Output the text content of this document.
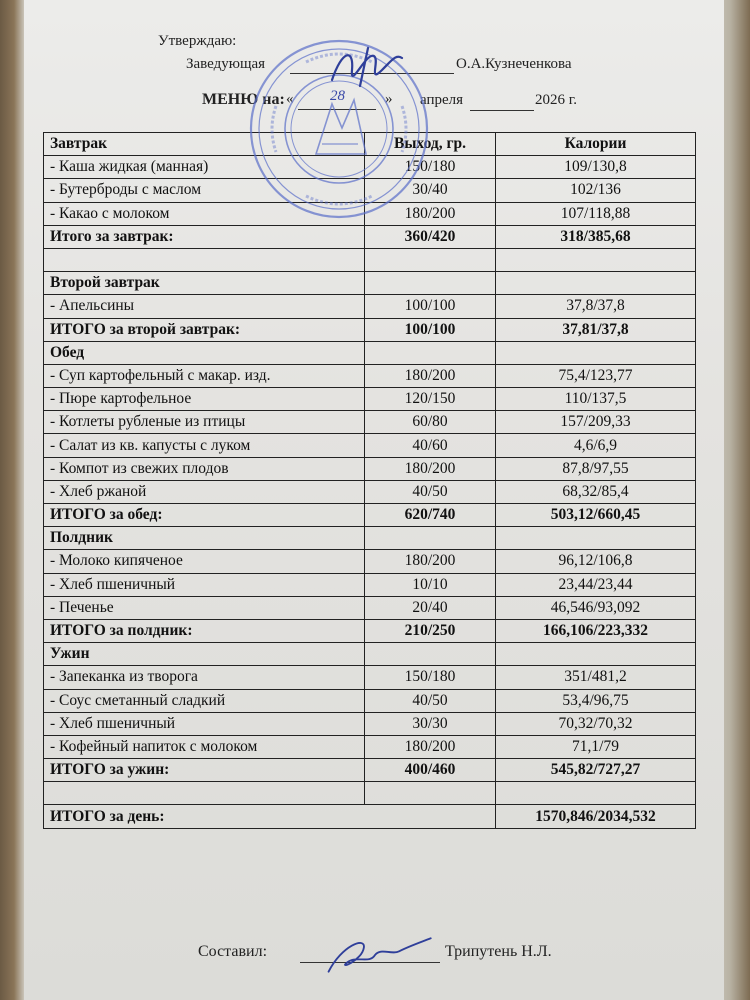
Утверждаю:
Заведующая	О.А.Кузнеченкова
МЕНЮ на: « 28	» апреля	2026 г.
Завтрак	Выход, гр.	Калории
- Каша жидкая (манная)	150/180	109/130,8
- Бутерброды с маслом	30/40	102/136
- Какао с молоком	180/200	107/118,88
Итого за завтрак:	360/420	318/385,68

Второй завтрак		
- Апельсины	100/100	37,8/37,8
ИТОГО за второй завтрак:	100/100	37,81/37,8
Обед		
- Суп картофельный с макар. изд.	180/200	75,4/123,77
- Пюре картофельное	120/150	110/137,5
- Котлеты рубленые из птицы	60/80	157/209,33
- Салат из кв. капусты с луком	40/60	4,6/6,9
- Компот из свежих плодов	180/200	87,8/97,55
- Хлеб ржаной	40/50	68,32/85,4
ИТОГО за обед:	620/740	503,12/660,45
Полдник		
- Молоко кипяченое	180/200	96,12/106,8
- Хлеб пшеничный	10/10	23,44/23,44
- Печенье	20/40	46,546/93,092
ИТОГО за полдник:	210/250	166,106/223,332
Ужин		
- Запеканка из творога	150/180	351/481,2
- Соус сметанный сладкий	40/50	53,4/96,75
- Хлеб пшеничный	30/30	70,32/70,32
- Кофейный напиток с молоком	180/200	71,1/79
ИТОГО за ужин:	400/460	545,82/727,27

ИТОГО за день:		1570,846/2034,532
Составил:	Трипутень Н.Л.
